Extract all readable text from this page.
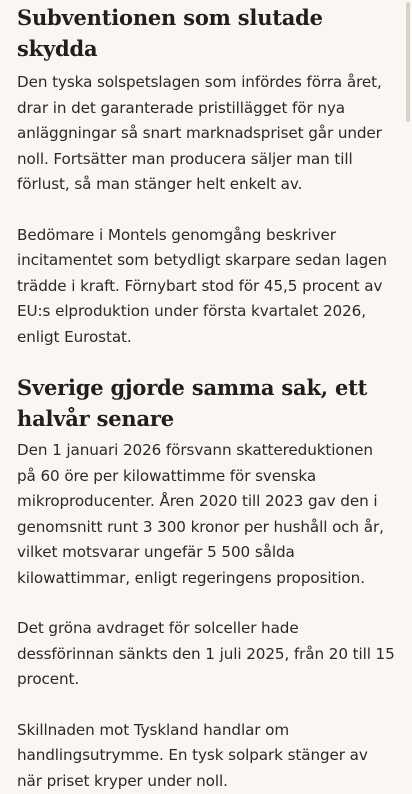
Subventionen som slutade skydda

Den tyska solspetslagen som infördes förra året, drar in det garanterade pristillägget för nya anläggningar så snart marknadspriset går under noll. Fortsätter man producera säljer man till förlust, så man stänger helt enkelt av.

Bedömare i Montels genomgång beskriver incitamentet som betydligt skarpare sedan lagen trädde i kraft. Förnybart stod för 45,5 procent av EU:s elproduktion under första kvartalet 2026, enligt Eurostat.

Sverige gjorde samma sak, ett halvår senare

Den 1 januari 2026 försvann skattereduktionen på 60 öre per kilowattimme för svenska mikroproducenter. Åren 2020 till 2023 gav den i genomsnitt runt 3 300 kronor per hushåll och år, vilket motsvarar ungefär 5 500 sålda kilowattimmar, enligt regeringens proposition.

Det gröna avdraget för solceller hade dessförinnan sänkts den 1 juli 2025, från 20 till 15 procent.

Skillnaden mot Tyskland handlar om handlingsutrymme. En tysk solpark stänger av när priset kryper under noll.
